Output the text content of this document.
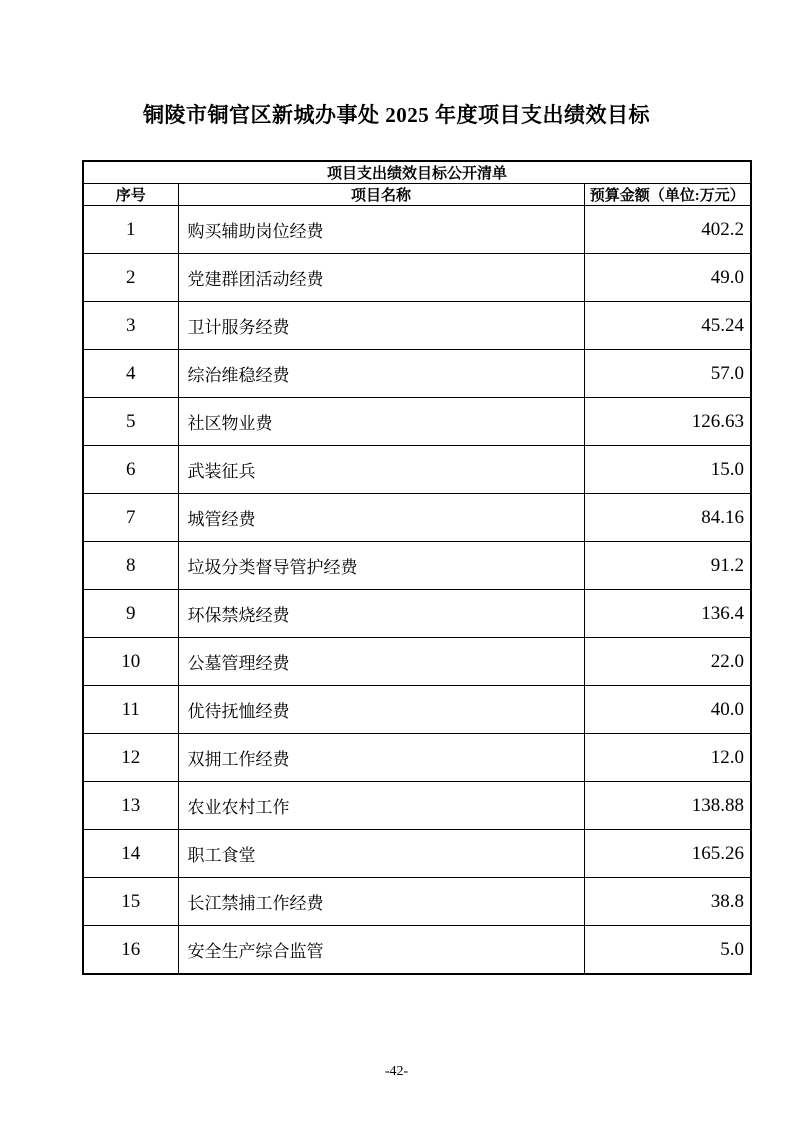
铜陵市铜官区新城办事处 2025 年度项目支出绩效目标
项目支出绩效目标公开清单		
序号	项目名称	预算金额（单位:万元）
1	购买辅助岗位经费	402.2
2	党建群团活动经费	49.0
3	卫计服务经费	45.24
4	综治维稳经费	57.0
5	社区物业费	126.63
6	武装征兵	15.0
7	城管经费	84.16
8	垃圾分类督导管护经费	91.2
9	环保禁烧经费	136.4
10	公墓管理经费	22.0
11	优待抚恤经费	40.0
12	双拥工作经费	12.0
13	农业农村工作	138.88
14	职工食堂	165.26
15	长江禁捕工作经费	38.8
16	安全生产综合监管	5.0
-42-
